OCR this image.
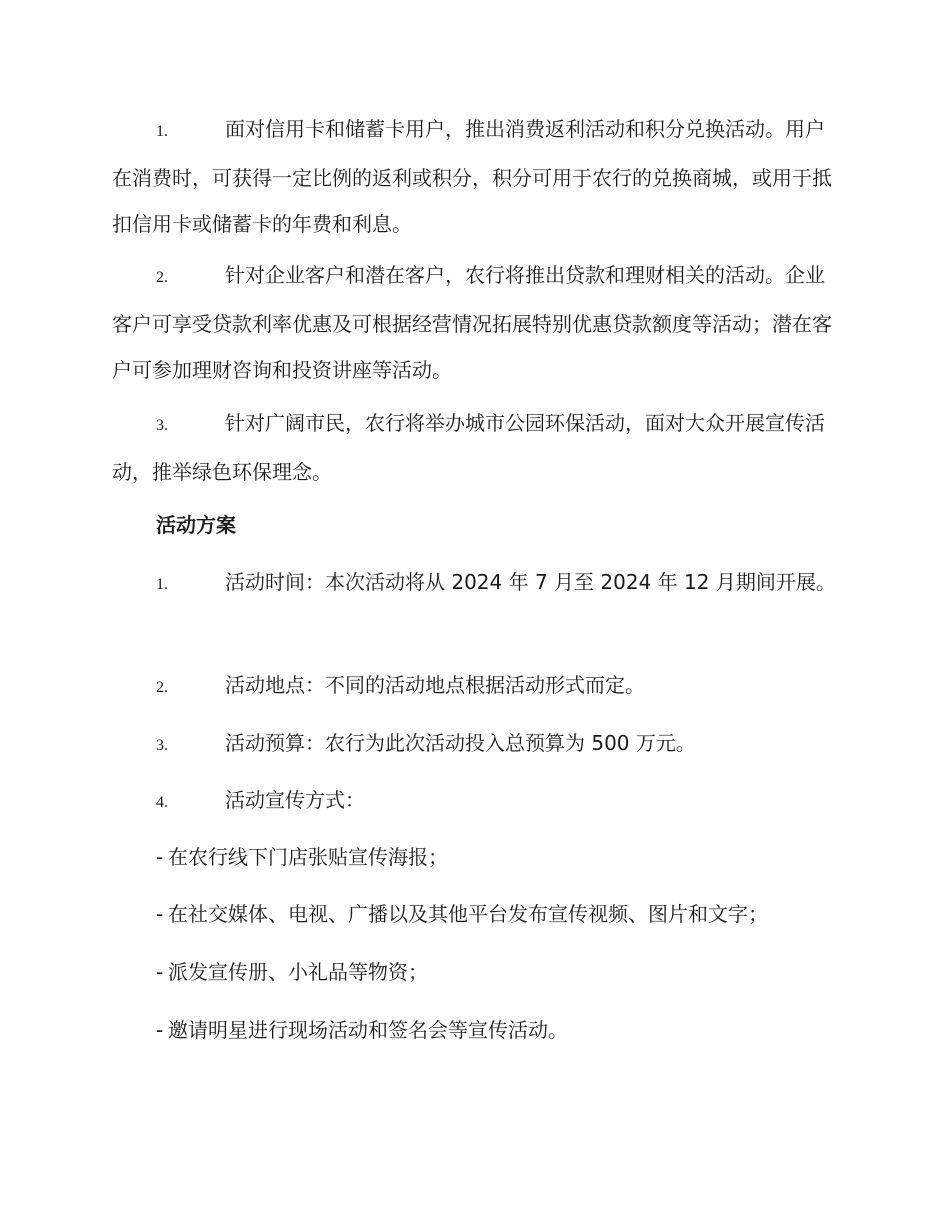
1.	面对信用卡和储蓄卡用户，推出消费返利活动和积分兑换活动。用户在消费时，可获得一定比例的返利或积分，积分可用于农行的兑换商城，或用于抵扣信用卡或储蓄卡的年费和利息。

2.	针对企业客户和潜在客户，农行将推出贷款和理财相关的活动。企业客户可享受贷款利率优惠及可根据经营情况拓展特别优惠贷款额度等活动；潜在客户可参加理财咨询和投资讲座等活动。

3.	针对广阔市民，农行将举办城市公园环保活动，面对大众开展宣传活动，推举绿色环保理念。

活动方案

1.	活动时间：本次活动将从 2024 年 7 月至 2024 年 12 月期间开展。

2.	活动地点：不同的活动地点根据活动形式而定。

3.	活动预算：农行为此次活动投入总预算为 500 万元。

4.	活动宣传方式：

- 在农行线下门店张贴宣传海报；

- 在社交媒体、电视、广播以及其他平台发布宣传视频、图片和文字；

- 派发宣传册、小礼品等物资；

- 邀请明星进行现场活动和签名会等宣传活动。
